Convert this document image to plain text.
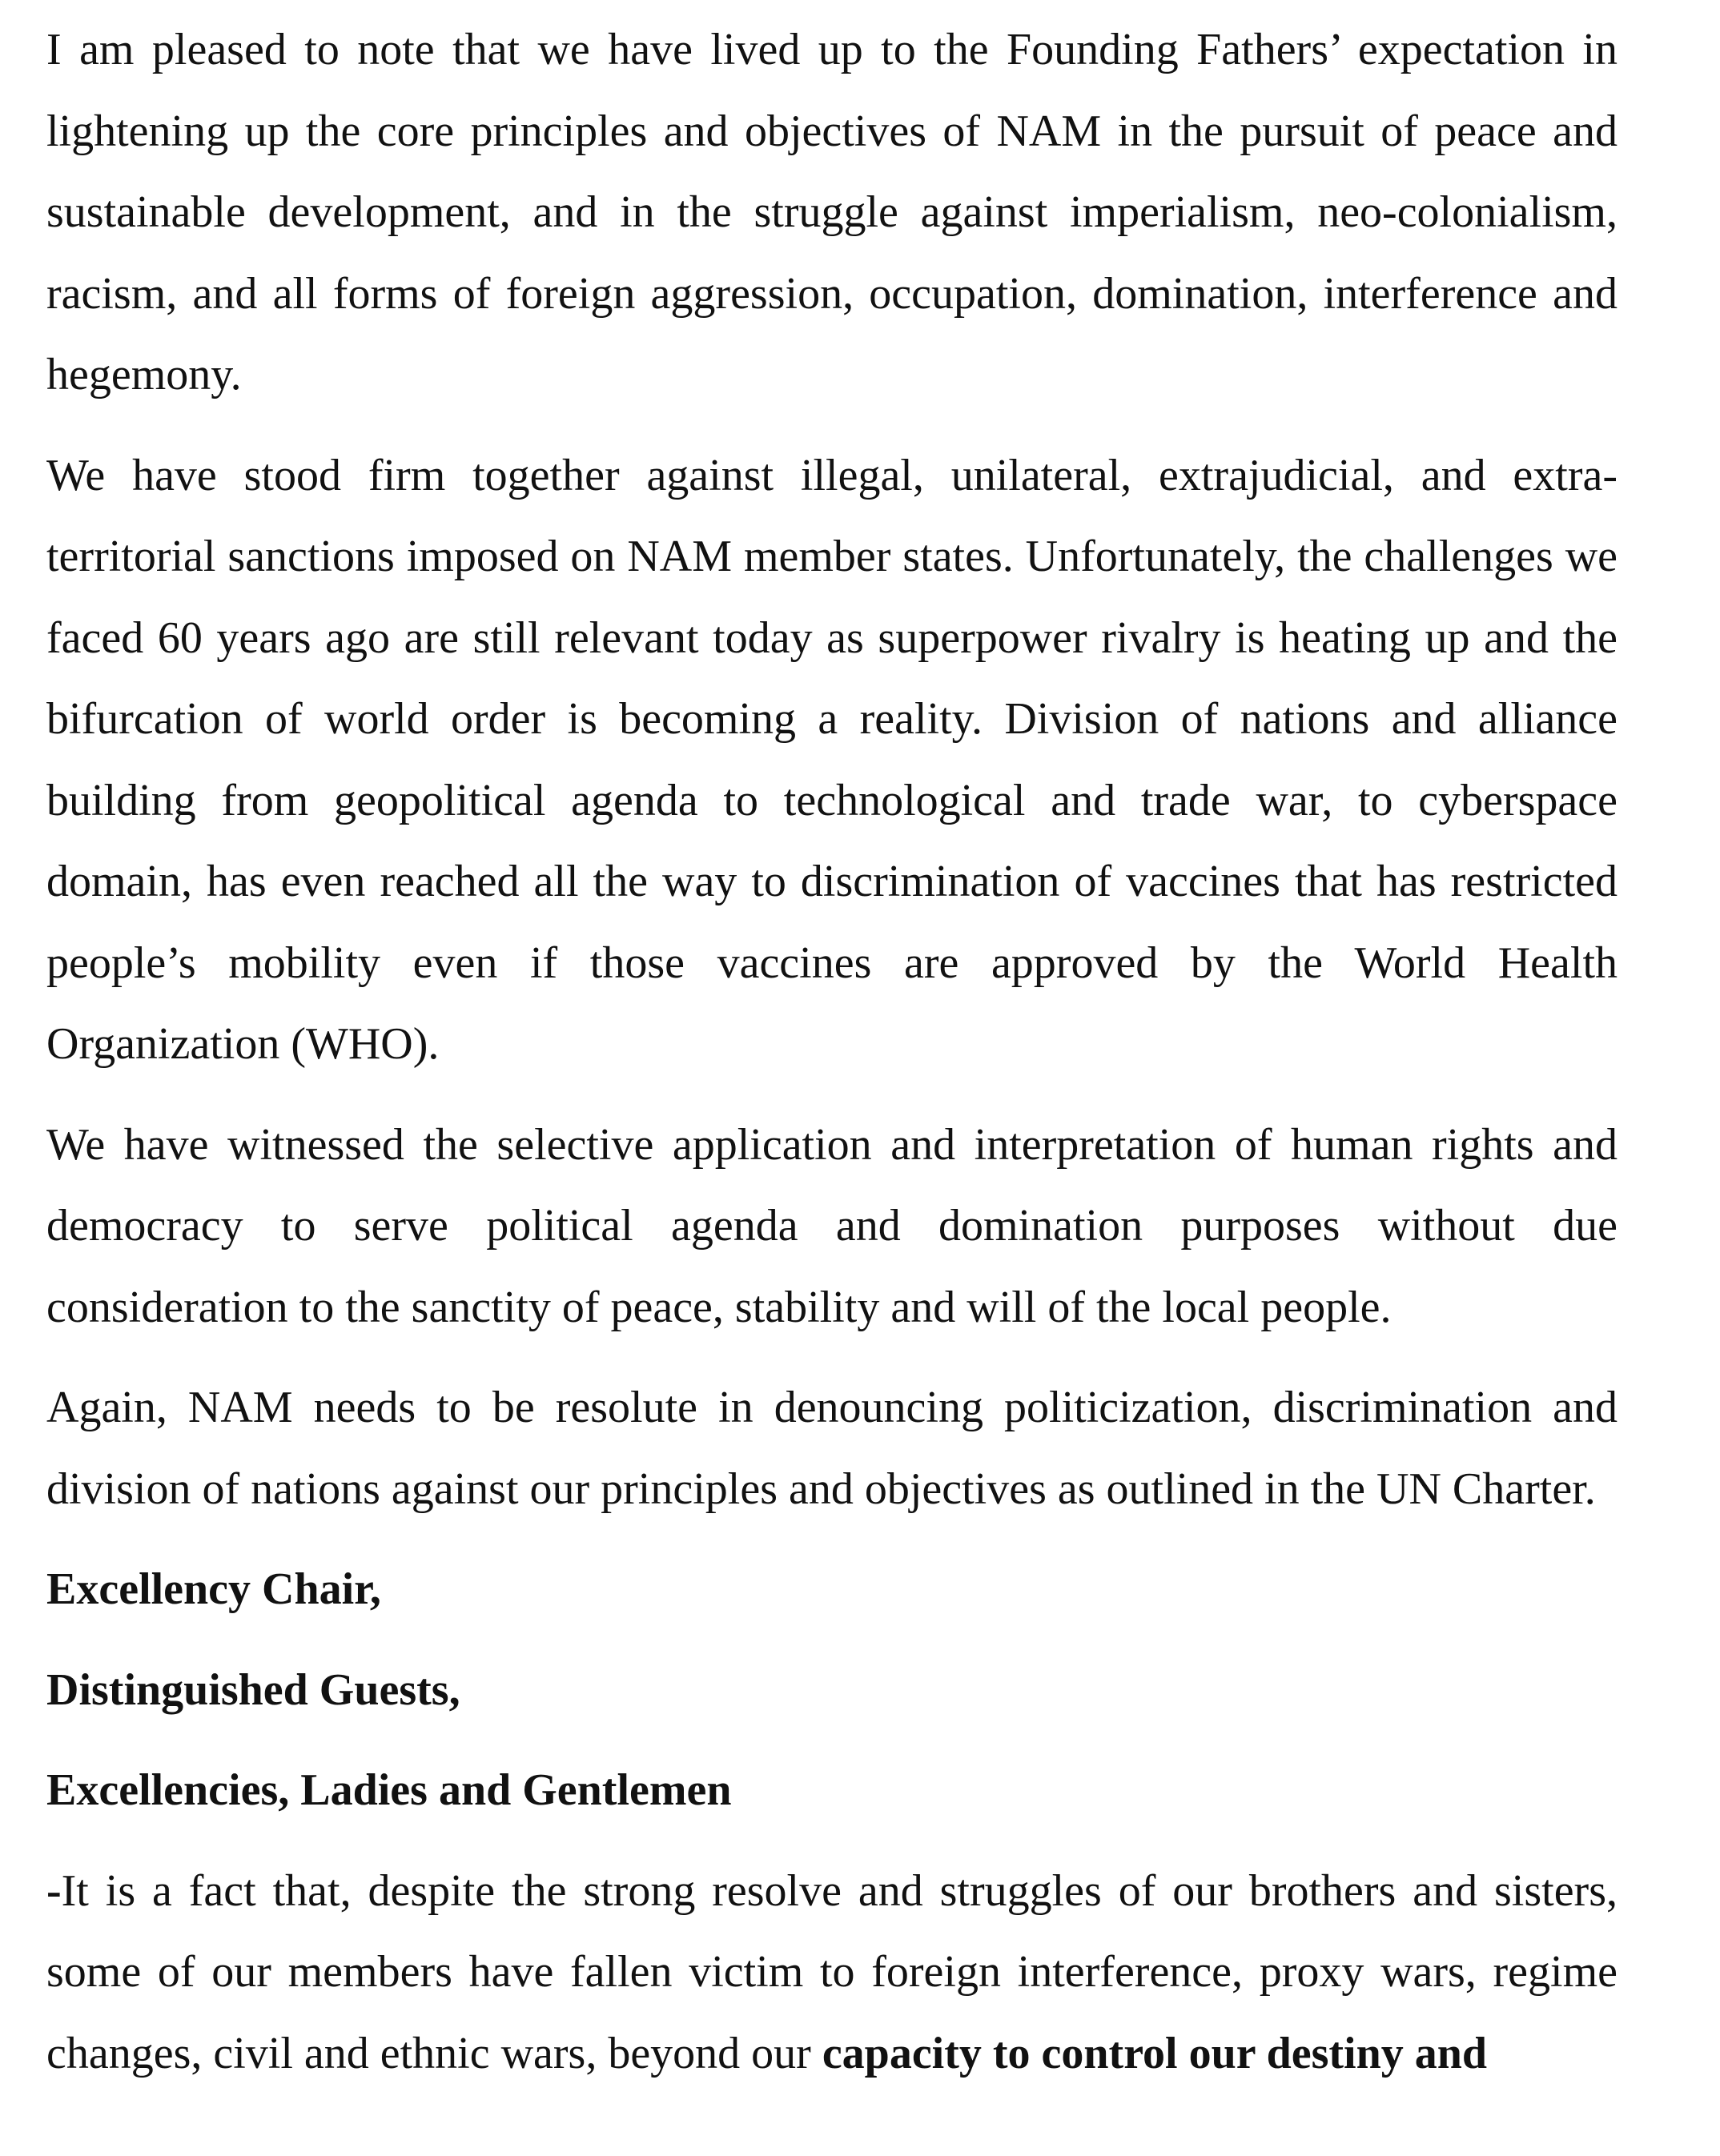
I am pleased to note that we have lived up to the Founding Fathers’ expectation in lightening up the core principles and objectives of NAM in the pursuit of peace and sustainable development, and in the struggle against imperialism, neo-colonialism, racism, and all forms of foreign aggression, occupation, domination, interference and hegemony.

We have stood firm together against illegal, unilateral, extrajudicial, and extra-territorial sanctions imposed on NAM member states. Unfortunately, the challenges we faced 60 years ago are still relevant today as superpower rivalry is heating up and the bifurcation of world order is becoming a reality. Division of nations and alliance building from geopolitical agenda to technological and trade war, to cyberspace domain, has even reached all the way to discrimination of vaccines that has restricted people’s mobility even if those vaccines are approved by the World Health Organization (WHO).

We have witnessed the selective application and interpretation of human rights and democracy to serve political agenda and domination purposes without due consideration to the sanctity of peace, stability and will of the local people.

Again, NAM needs to be resolute in denouncing politicization, discrimination and division of nations against our principles and objectives as outlined in the UN Charter.

Excellency Chair,

Distinguished Guests,

Excellencies, Ladies and Gentlemen

-It is a fact that, despite the strong resolve and struggles of our brothers and sisters, some of our members have fallen victim to foreign interference, proxy wars, regime changes, civil and ethnic wars, beyond our capacity to control our destiny and
